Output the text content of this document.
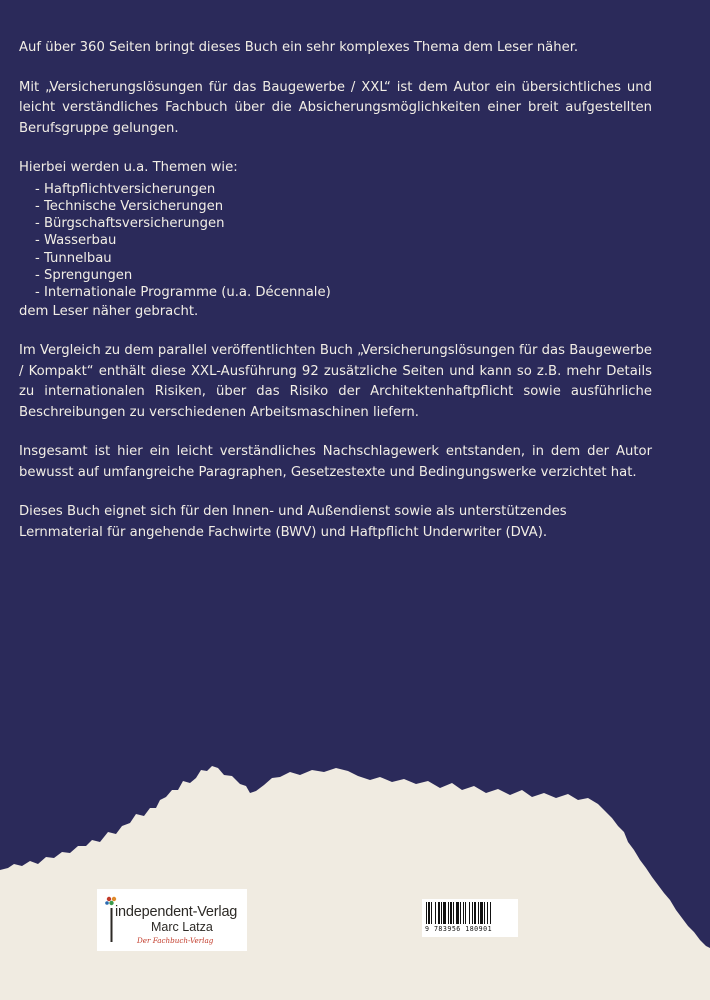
Auf über 360 Seiten bringt dieses Buch ein sehr komplexes Thema dem Leser näher.

Mit „Versicherungslösungen für das Baugewerbe / XXL“ ist dem Autor ein übersichtliches und leicht verständliches Fachbuch über die Absicherungsmöglichkeiten einer breit aufgestellten Berufsgruppe gelungen.

Hierbei werden u.a. Themen wie:

- Haftpflichtversicherungen
- Technische Versicherungen
- Bürgschaftsversicherungen
- Wasserbau
- Tunnelbau
- Sprengungen
- Internationale Programme (u.a. Décennale)

dem Leser näher gebracht.

Im Vergleich zu dem parallel veröffentlichten Buch „Versicherungslösungen für das Baugewerbe / Kompakt“ enthält diese XXL-Ausführung 92 zusätzliche Seiten und kann so z.B. mehr Details zu internationalen Risiken, über das Risiko der Architektenhaftpflicht sowie ausführliche Beschreibungen zu verschiedenen Arbeitsmaschinen liefern.

Insgesamt ist hier ein leicht verständliches Nachschlagewerk entstanden, in dem der Autor bewusst auf umfangreiche Paragraphen, Gesetzestexte und Bedingungswerke verzichtet hat.

Dieses Buch eignet sich für den Innen- und Außendienst sowie als unterstützendes

Lernmaterial für angehende Fachwirte (BWV) und Haftpflicht Underwriter (DVA).

independent-Verlag
Marc Latza
Der Fachbuch-Verlag
9 783956 180901
